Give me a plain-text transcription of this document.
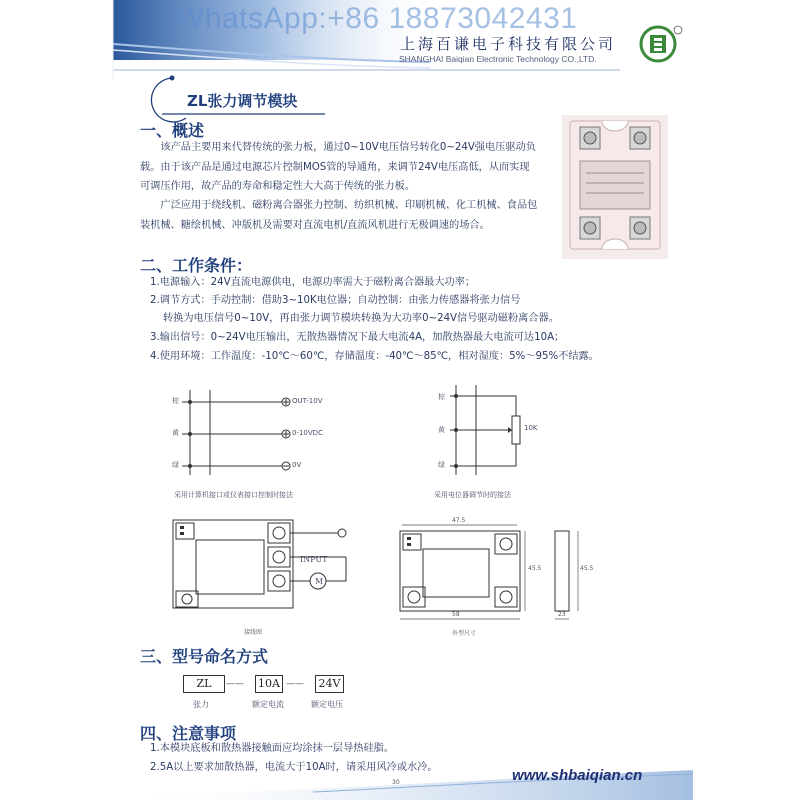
WhatsApp:+86 18873042431
上海百谦电子科技有限公司
SHANGHAI Baiqian Electronic Technology CO.,LTD.
ZL张力调节模块
一、概述
该产品主要用来代替传统的张力板，通过0~10V电压信号转化0~24V强电压驱动负载。由于该产品是通过电源芯片控制MOS管的导通角，来调节24V电压高低，从而实现可调压作用，故产品的寿命和稳定性大大高于传统的张力板。
广泛应用于绕线机、磁粉离合器张力控制、纺织机械、印刷机械、化工机械、食品包装机械、糖绘机械、冲版机及需要对直流电机/直流风机进行无极调速的场合。
二、工作条件：
1.电源输入：24V直流电源供电，电源功率需大于磁粉离合器最大功率；
2.调节方式：手动控制：借助3~10K电位器；自动控制：由张力传感器将张力信号
转换为电压信号0~10V，再由张力调节模块转换为大功率0~24V信号驱动磁粉离合器。
3.输出信号：0~24V电压输出，无散热器情况下最大电流4A，加散热器最大电流可达10A；
4.使用环境：工作温度：-10℃～60℃，存储温度：-40℃～85℃，相对湿度：5%～95%不结露。
棕
黄
绿
OUT-10V
0-10VDC
0V
采用计算机接口或仪表接口控制时接法
棕
黄
绿
10K
采用电位器调节时的接法
INPUT
M
接线图
47.5
45.5
58
45.5
23
外型尺寸
三、型号命名方式
ZL	—— 10A ——	24V
张力	额定电流	额定电压
四、注意事项
1.本模块底板和散热器接触面应均涂抹一层导热硅脂。
2.5A以上要求加散热器，电流大于10A时，请采用风冷或水冷。
30	www.shbaiqian.cn
